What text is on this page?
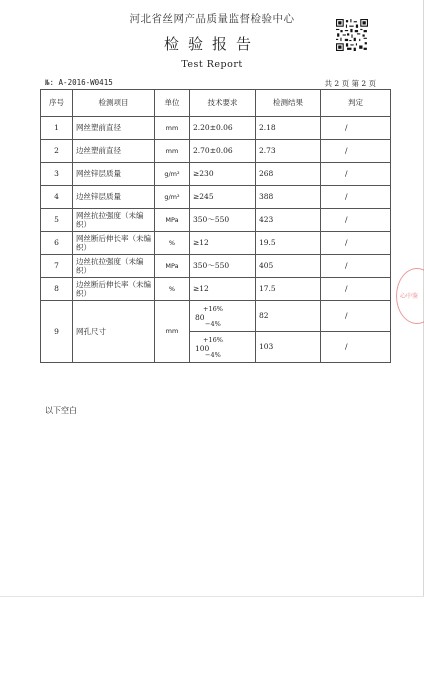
河北省丝网产品质量监督检验中心
检验报告
Test Report
№: A-2016-W0415	共 2 页 第 2 页
序号	检测项目	单位	技术要求	检测结果	判定
1	网丝塑前直径	mm	2.20±0.06	2.18	/
2	边丝塑前直径	mm	2.70±0.06	2.73	/
3	网丝锌层质量	g/m²	≥230	268	/
4	边丝锌层质量	g/m²	≥245	388	/
5	网丝抗拉强度（未编织）	MPa	350～550	423	/
6	网丝断后伸长率（未编织）	%	≥12	19.5	/
7	边丝抗拉强度（未编织）	MPa	350～550	405	/
8	边丝断后伸长率（未编织）	%	≥12	17.5	/
9	网孔尺寸	mm	+16%
80
−4%	82	/

			+16%
100
−4%	103	/
以下空白
心中鉴
